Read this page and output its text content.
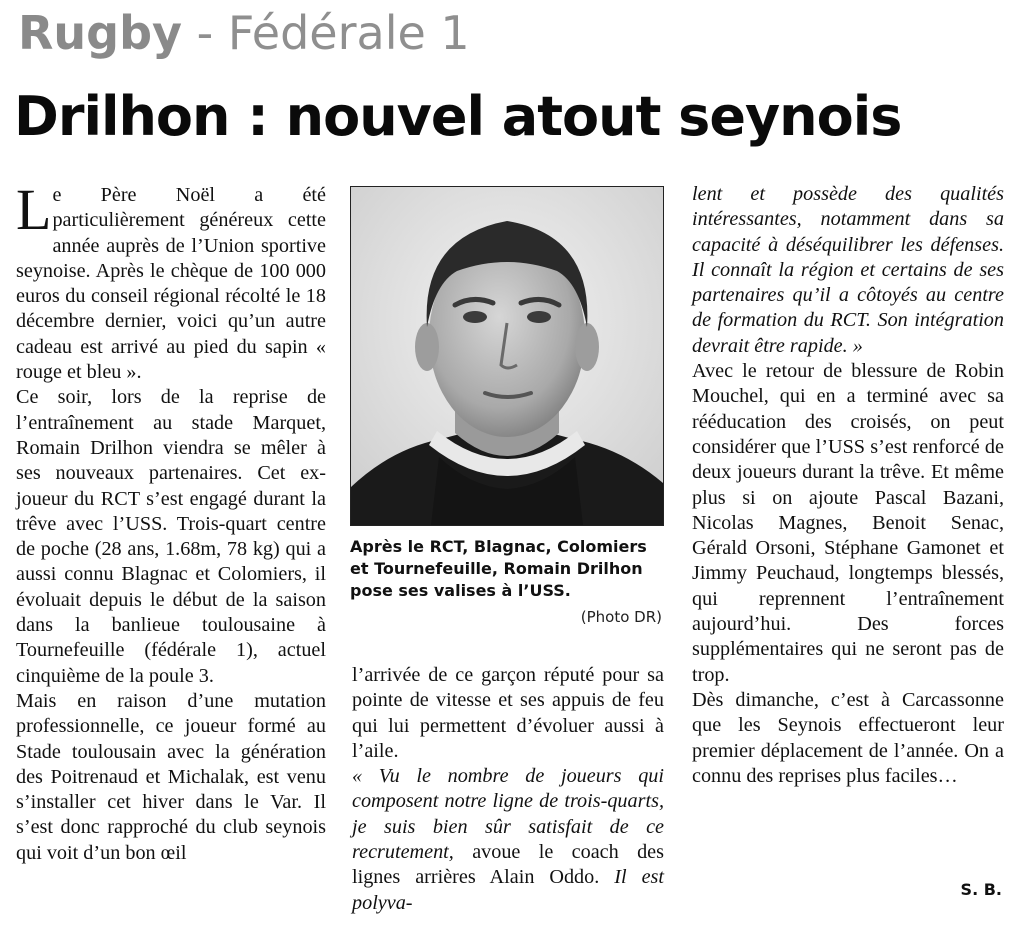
Rugby - Fédérale 1
Drilhon : nouvel atout seynois

Le Père Noël a été particulièrement généreux cette année auprès de l’Union sportive seynoise. Après le chèque de 100 000 euros du conseil régional récolté le 18 décembre dernier, voici qu’un autre cadeau est arrivé au pied du sapin « rouge et bleu ».

Ce soir, lors de la reprise de l’entraînement au stade Marquet, Romain Drilhon viendra se mêler à ses nouveaux partenaires. Cet ex-joueur du RCT s’est engagé durant la trêve avec l’USS. Trois-quart centre de poche (28 ans, 1.68m, 78 kg) qui a aussi connu Blagnac et Colomiers, il évoluait depuis le début de la saison dans la banlieue toulousaine à Tournefeuille (fédérale 1), actuel cinquième de la poule 3.

Mais en raison d’une mutation professionnelle, ce joueur formé au Stade toulousain avec la génération des Poitrenaud et Michalak, est venu s’installer cet hiver dans le Var. Il s’est donc rapproché du club seynois qui voit d’un bon œil

Après le RCT, Blagnac, Colomiers et Tournefeuille, Romain Drilhon pose ses valises à l’USS.
(Photo DR)

l’arrivée de ce garçon réputé pour sa pointe de vitesse et ses appuis de feu qui lui permettent d’évoluer aussi à l’aile.

« Vu le nombre de joueurs qui composent notre ligne de trois-quarts, je suis bien sûr satisfait de ce recrutement, avoue le coach des lignes arrières Alain Oddo. Il est polyva-

lent et possède des qualités intéressantes, notamment dans sa capacité à déséquilibrer les défenses. Il connaît la région et certains de ses partenaires qu’il a côtoyés au centre de formation du RCT. Son intégration devrait être rapide. »

Avec le retour de blessure de Robin Mouchel, qui en a terminé avec sa rééducation des croisés, on peut considérer que l’USS s’est renforcé de deux joueurs durant la trêve. Et même plus si on ajoute Pascal Bazani, Nicolas Magnes, Benoit Senac, Gérald Orsoni, Stéphane Gamonet et Jimmy Peuchaud, longtemps blessés, qui reprennent l’entraînement aujourd’hui. Des forces supplémentaires qui ne seront pas de trop.

Dès dimanche, c’est à Carcassonne que les Seynois effectueront leur premier déplacement de l’année. On a connu des reprises plus faciles…

S. B.
